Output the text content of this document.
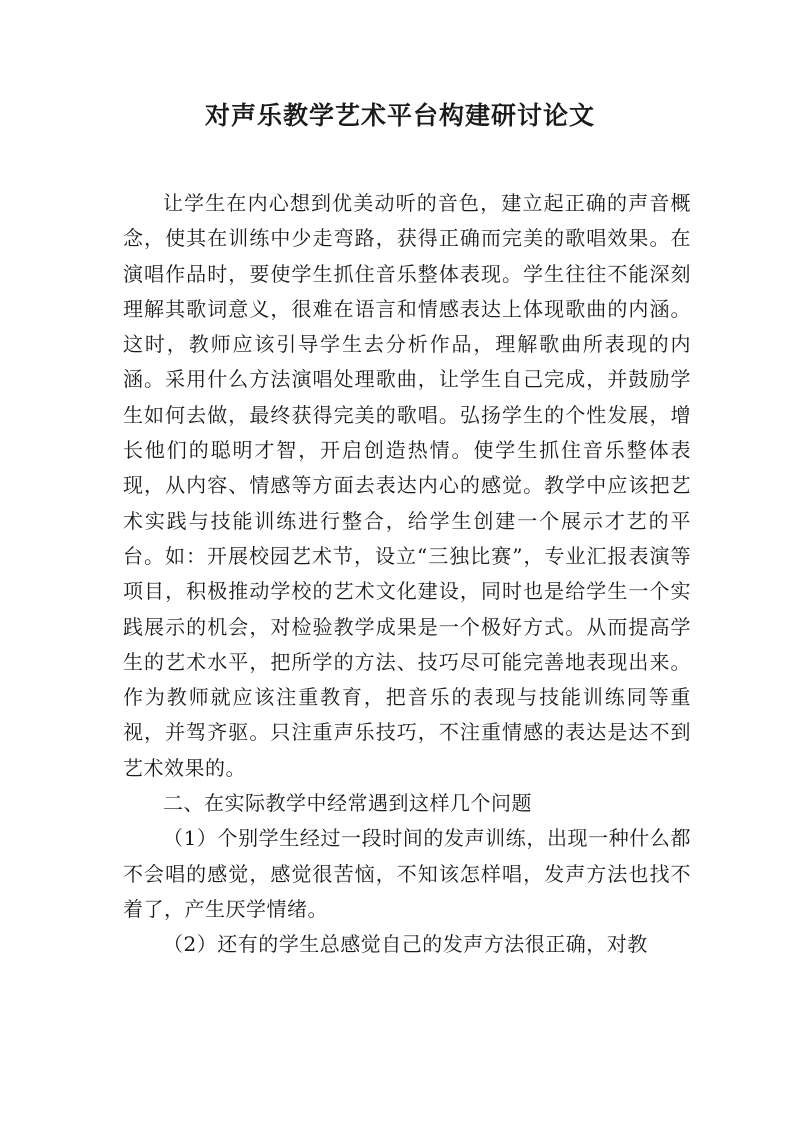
对声乐教学艺术平台构建研讨论文

让学生在内心想到优美动听的音色，建立起正确的声音概念，使其在训练中少走弯路，获得正确而完美的歌唱效果。在演唱作品时，要使学生抓住音乐整体表现。学生往往不能深刻理解其歌词意义，很难在语言和情感表达上体现歌曲的内涵。这时，教师应该引导学生去分析作品，理解歌曲所表现的内涵。采用什么方法演唱处理歌曲，让学生自己完成，并鼓励学生如何去做，最终获得完美的歌唱。弘扬学生的个性发展，增长他们的聪明才智，开启创造热情。使学生抓住音乐整体表现，从内容、情感等方面去表达内心的感觉。教学中应该把艺术实践与技能训练进行整合，给学生创建一个展示才艺的平台。如：开展校园艺术节，设立“三独比赛”，专业汇报表演等项目，积极推动学校的艺术文化建设，同时也是给学生一个实践展示的机会，对检验教学成果是一个极好方式。从而提高学生的艺术水平，把所学的方法、技巧尽可能完善地表现出来。作为教师就应该注重教育，把音乐的表现与技能训练同等重视，并驾齐驱。只注重声乐技巧，不注重情感的表达是达不到艺术效果的。

二、在实际教学中经常遇到这样几个问题

（1）个别学生经过一段时间的发声训练，出现一种什么都不会唱的感觉，感觉很苦恼，不知该怎样唱，发声方法也找不着了，产生厌学情绪。

（2）还有的学生总感觉自己的发声方法很正确，对教
